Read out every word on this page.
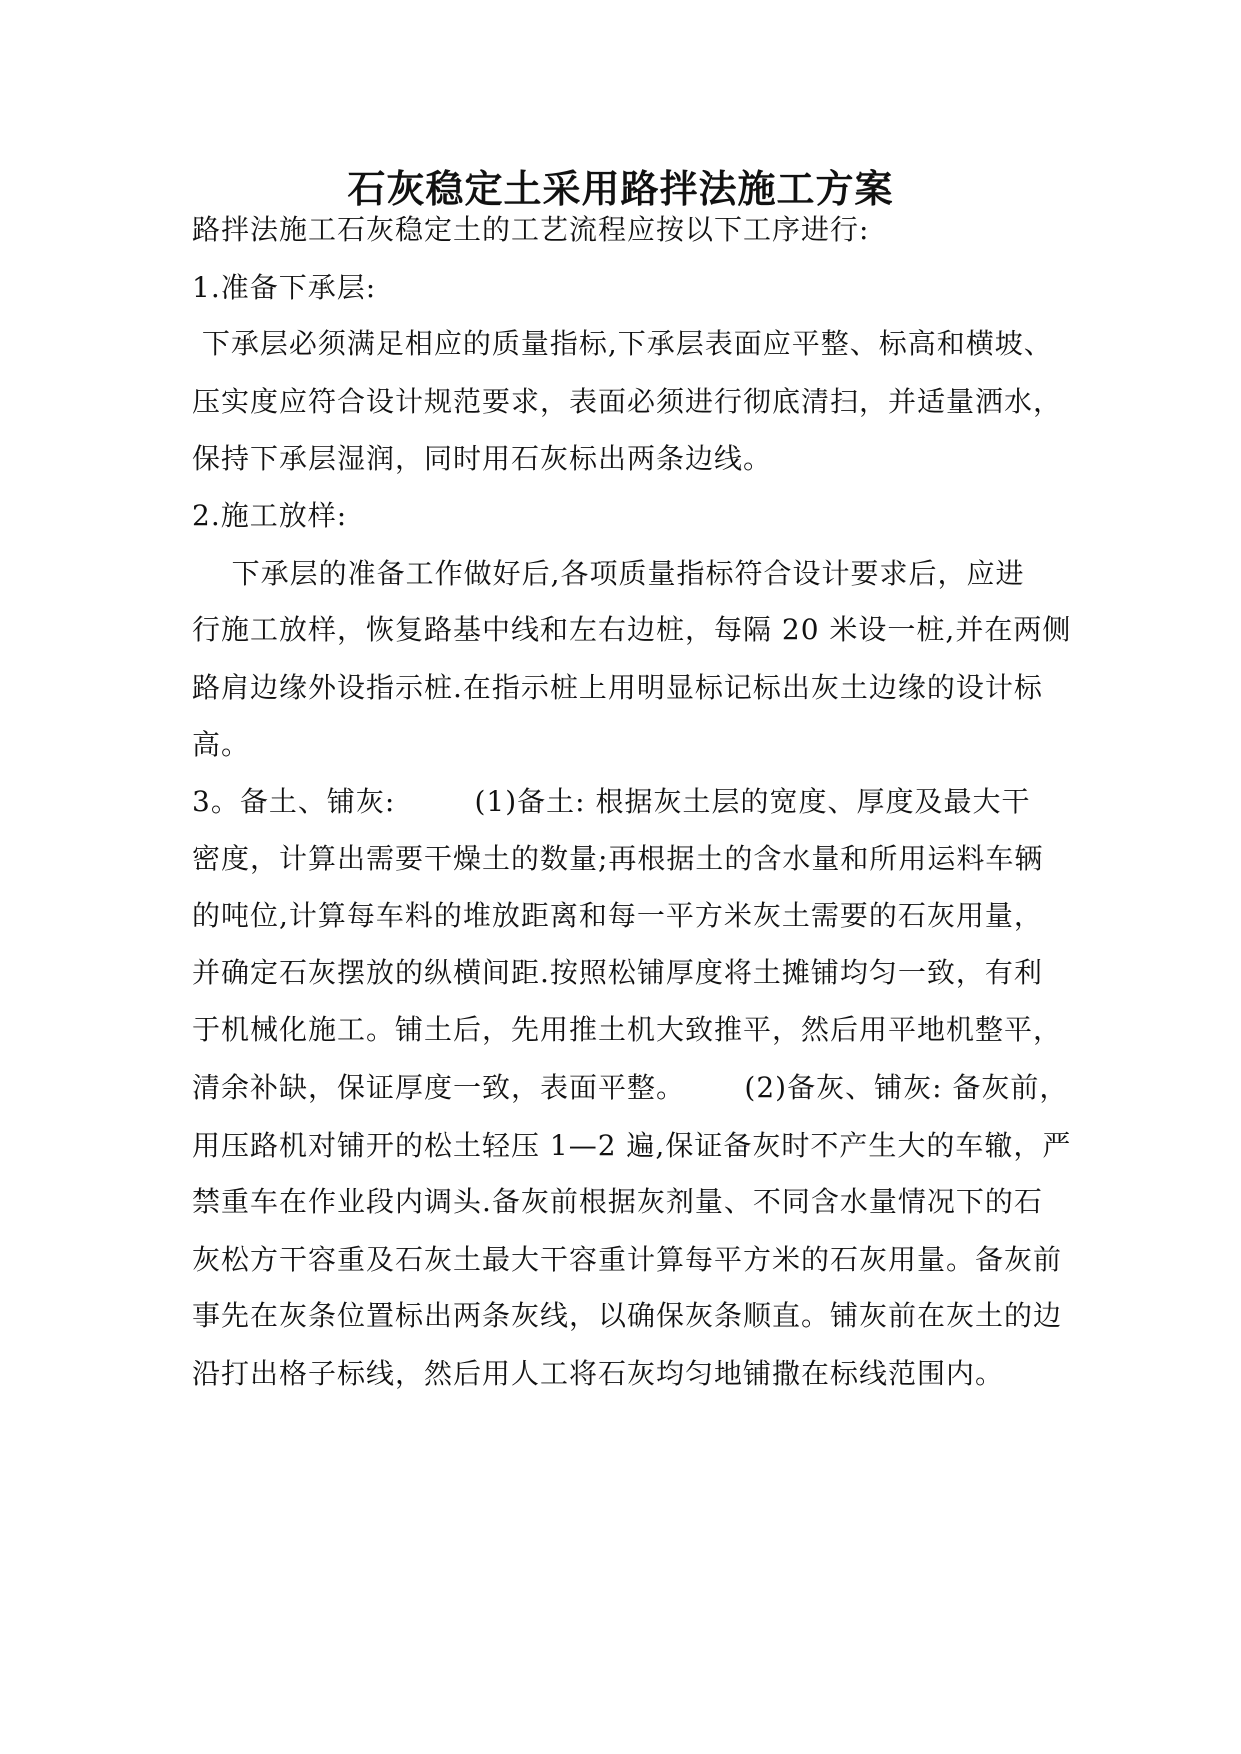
石灰稳定土采用路拌法施工方案
路拌法施工石灰稳定土的工艺流程应按以下工序进行:
1.准备下承层:
下承层必须满足相应的质量指标,下承层表面应平整、标高和横坡、
压实度应符合设计规范要求，表面必须进行彻底清扫，并适量洒水，
保持下承层湿润，同时用石灰标出两条边线。
2.施工放样:
下承层的准备工作做好后,各项质量指标符合设计要求后，应进
行施工放样，恢复路基中线和左右边桩，每隔 20 米设一桩,并在两侧
路肩边缘外设指示桩.在指示桩上用明显标记标出灰土边缘的设计标
高。
3。备土、铺灰:        (1)备土: 根据灰土层的宽度、厚度及最大干
密度，计算出需要干燥土的数量;再根据土的含水量和所用运料车辆
的吨位,计算每车料的堆放距离和每一平方米灰土需要的石灰用量，
并确定石灰摆放的纵横间距.按照松铺厚度将土摊铺均匀一致，有利
于机械化施工。铺土后，先用推土机大致推平，然后用平地机整平，
清余补缺，保证厚度一致，表面平整。      (2)备灰、铺灰: 备灰前，
用压路机对铺开的松土轻压 1—2 遍,保证备灰时不产生大的车辙，严
禁重车在作业段内调头.备灰前根据灰剂量、不同含水量情况下的石
灰松方干容重及石灰土最大干容重计算每平方米的石灰用量。备灰前
事先在灰条位置标出两条灰线，以确保灰条顺直。铺灰前在灰土的边
沿打出格子标线，然后用人工将石灰均匀地铺撒在标线范围内。
